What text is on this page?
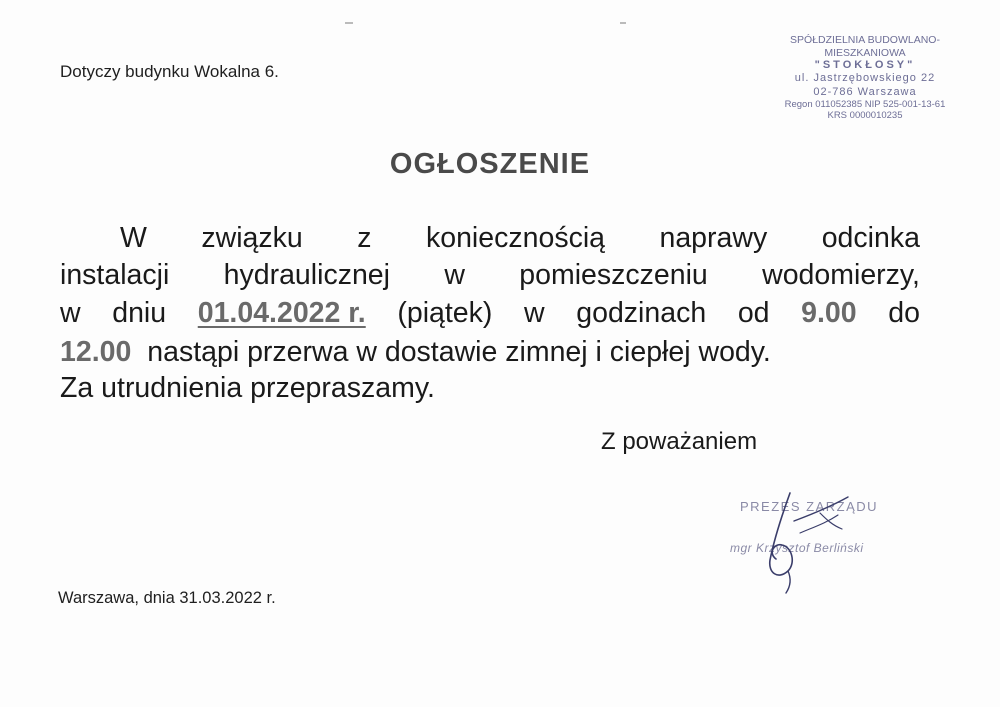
Dotyczy budynku Wokalna 6.
SPÓŁDZIELNIA BUDOWLANO-MIESZKANIOWA
"STOKŁOSY"
ul. Jastrzębowskiego 22
02-786 Warszawa
Regon 011052385 NIP 525-001-13-61
KRS 0000010235
OGŁOSZENIE
W związku z koniecznością naprawy odcinka
instalacji hydraulicznej w pomieszczeniu wodomierzy,
w dniu 01.04.2022 r. (piątek) w godzinach od 9.00 do
12.00 nastąpi przerwa w dostawie zimnej i ciepłej wody.
Za utrudnienia przepraszamy.
Z poważaniem
PREZES ZARZĄDU
mgr Krzysztof Berliński
Warszawa, dnia 31.03.2022 r.
